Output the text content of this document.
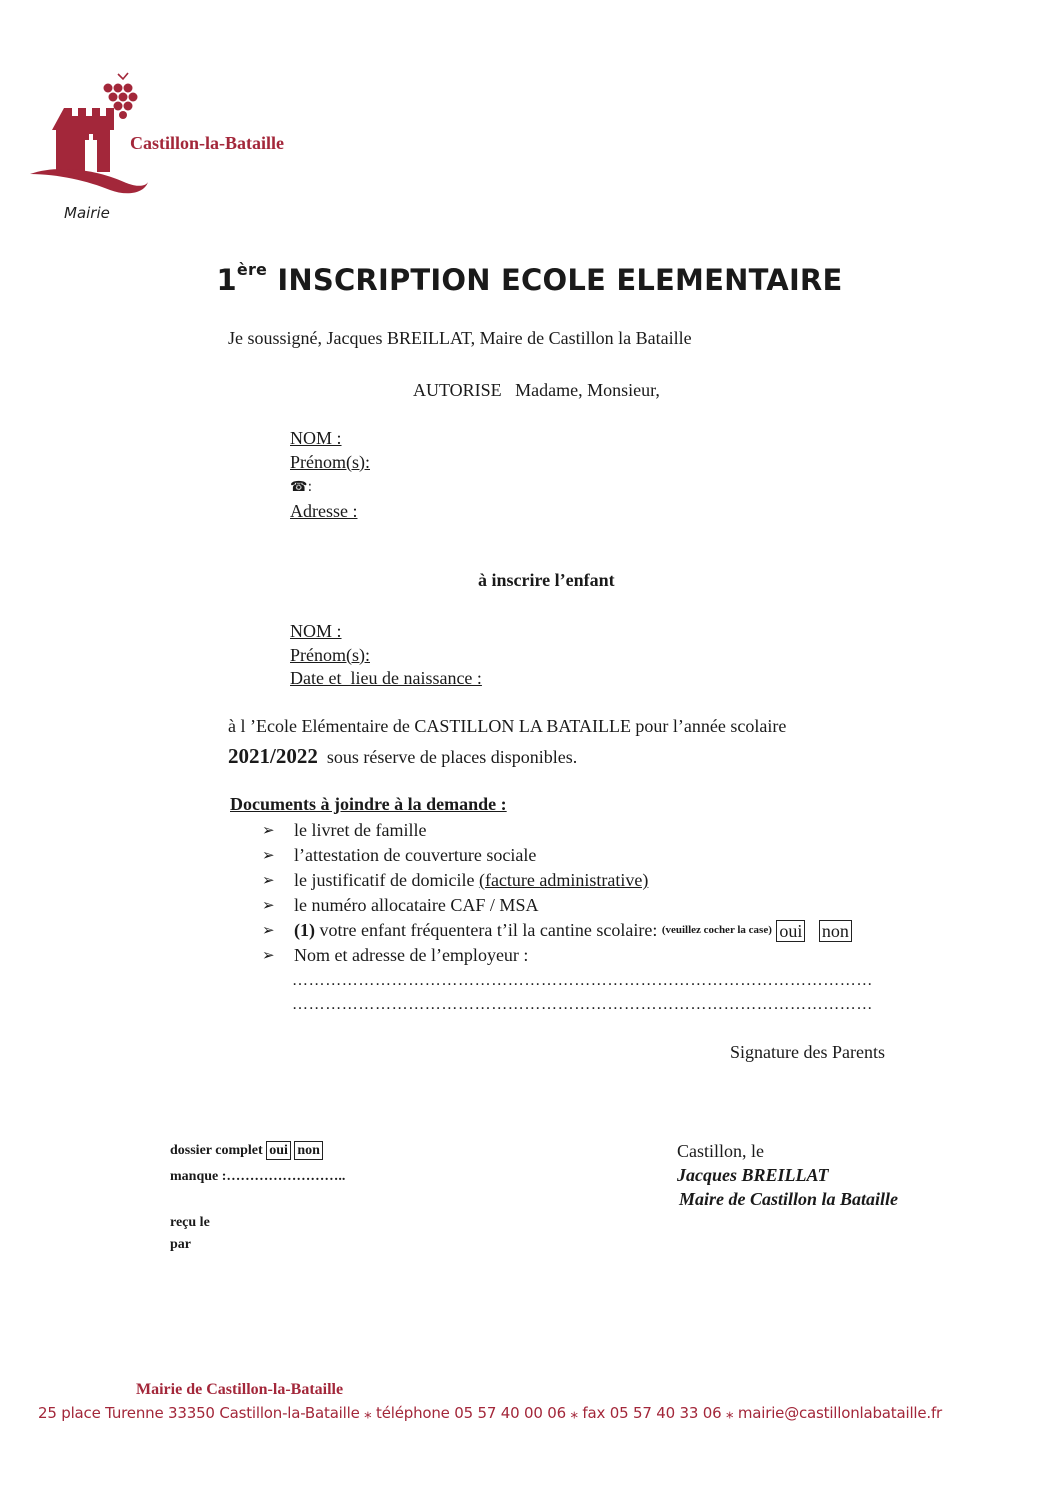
Castillon-la-Bataille
Mairie
1ère INSCRIPTION ECOLE ELEMENTAIRE
Je soussigné, Jacques BREILLAT, Maire de Castillon la Bataille
AUTORISE   Madame, Monsieur,
NOM :
Prénom(s):
☎:
Adresse :
à inscrire l’enfant
NOM :
Prénom(s):
Date et  lieu de naissance :
à l ’Ecole Elémentaire de CASTILLON LA BATAILLE pour l’année scolaire
2021/2022 sous réserve de places disponibles.
Documents à joindre à la demande :
➢	le livret de famille
➢	l’attestation de couverture sociale
➢	le justificatif de domicile
(facture administrative)
➢	le numéro allocataire CAF / MSA
➢	(1)
votre enfant fréquentera t’il la cantine scolaire:
(veuillez cocher la case)
oui
non
➢	Nom et adresse de l’employeur :
……………………………………………………………………………………………
……………………………………………………………………………………………
Signature des Parents
dossier complet oui non
manque :……………………..
reçu le
par
Castillon, le
Jacques BREILLAT
Maire de Castillon la Bataille
Mairie de Castillon-la-Bataille
25 place Turenne 33350 Castillon-la-Bataille ⁎ téléphone 05 57 40 00 06 ⁎ fax 05 57 40 33 06 ⁎ mairie@castillonlabataille.fr
